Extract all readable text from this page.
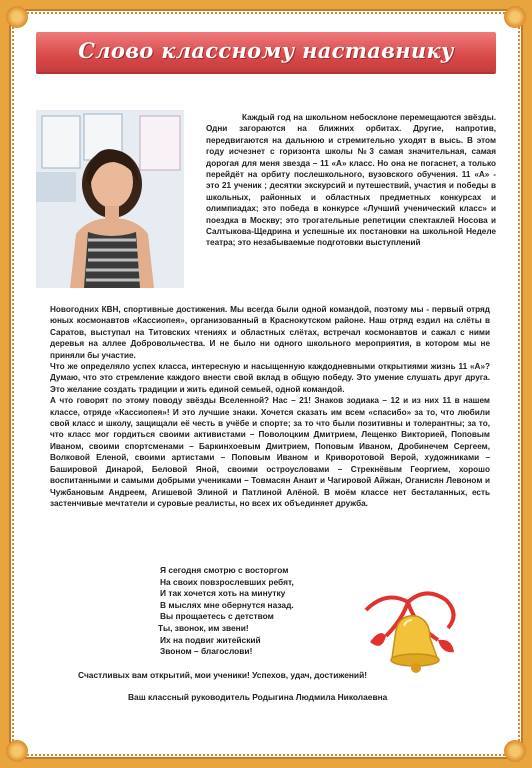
Слово классному наставнику
Каждый год на школьном небосклоне перемещаются звёзды. Одни загораются на ближних орбитах. Другие, напротив, передвигаются на дальнюю и стремительно уходят в высь. В этом году исчезнет с горизонта школы №3 самая значительная, самая дорогая для меня звезда – 11 «А» класс. Но она не погаснет, а только перейдёт на орбиту послешкольного, вузовского обучения. 11 «А» - это 21 ученик ; десятки экскурсий и путешествий, участия и победы в школьных, районных и областных предметных конкурсах и олимпиадах; это победа в конкурсе «Лучший ученический класс» и поездка в Москву; это трогательные репетиции спектаклей Носова и Салтыкова-Щедрина и успешные их постановки на школьной Неделе театра; это незабываемые подготовки выступлений
Новогодних КВН, спортивные достижения. Мы всегда были одной командой, поэтому мы - первый отряд юных космонавтов «Кассиопея», организованный в Краснокутском районе. Наш отряд ездил на слёты в Саратов, выступал на Титовских чтениях и областных слётах, встречал космонавтов и сажал с ними деревья на аллее Добровольчества. И не было ни одного школьного мероприятия, в котором мы не приняли бы участие.
Что же определяло успех класса, интересную и насыщенную каждодневными открытиями жизнь 11 «А»? Думаю, что это стремление каждого внести свой вклад в общую победу. Это умение слушать друг друга. Это желание создать традиции и жить единой семьей, одной командой.
А что говорят по этому поводу звёзды Вселенной? Нас – 21! Знаков зодиака – 12 и из них 11 в нашем классе, отряде «Кассиопея»! И это лучшие знаки. Хочется сказать им всем «спасибо» за то, что любили свой класс и школу, защищали её честь в учёбе и спорте; за то что были позитивны и толерантны; за то, что класс мог гордиться своими активистами – Поволоцким Дмитрием, Лещенко Викторией, Поповым Иваном, своими спортсменами – Баркинхоевым Дмитрием, Поповым Иваном, Дробинечем Сергеем, Волковой Еленой, своими артистами – Поповым Иваном и Криворотовой Верой, художниками – Башировой Динарой, Беловой Яной, своими остроусловами – Стрекнёвым Георгием, хорошо воспитанными и самыми добрыми учениками – Товмасян Анаит и Чагировой Айжан, Оганисян Левоном и Чужбановым Андреем, Агишевой Элиной и Патлиной Алёной. В моём классе нет бесталанных, есть застенчивые мечтатели и суровые реалисты, но всех их объединяет дружба.
Я сегодня смотрю с восторгом
На своих повзрослевших ребят,
И так хочется хоть на минутку
В мыслях мне обернутся назад.
Вы прощаетесь с детством
Ты, звонок, им звени!
Их на подвиг житейский
Звоном – благослови!
Счастливых вам открытий, мои ученики! Успехов, удач, достижений!
Ваш классный руководитель Родыгина Людмила Николаевна
